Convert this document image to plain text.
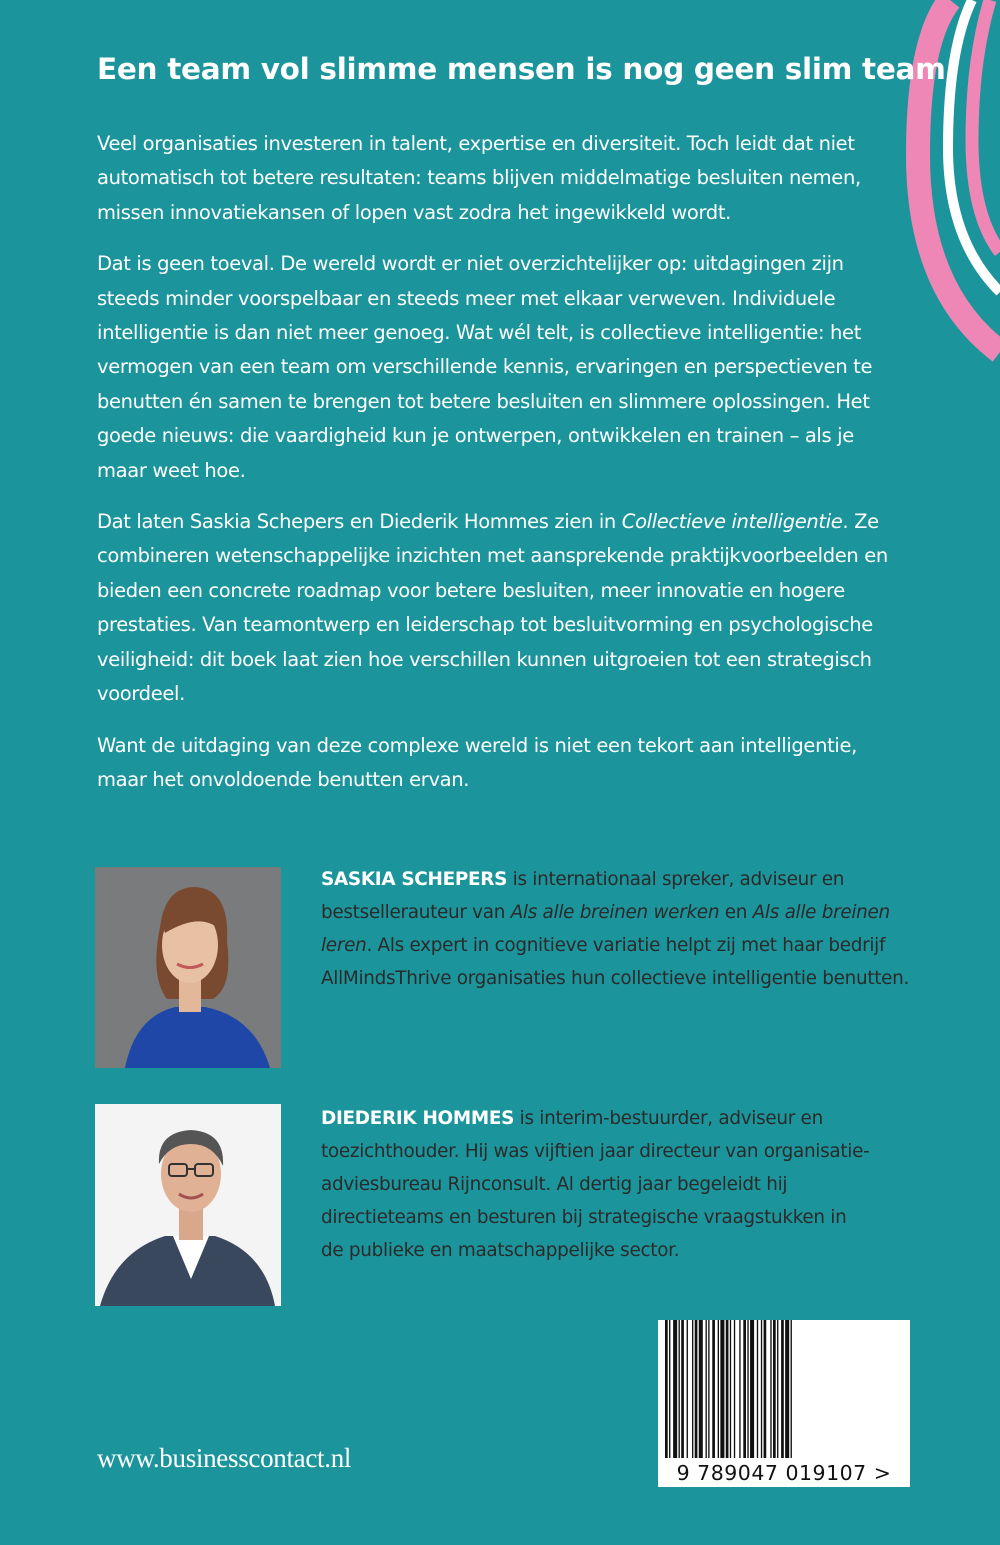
Een team vol slimme mensen is nog geen slim team

Veel organisaties investeren in talent, expertise en diversiteit. Toch leidt dat niet automatisch tot betere resultaten: teams blijven middelmatige besluiten nemen, missen innovatiekansen of lopen vast zodra het ingewikkeld wordt.

Dat is geen toeval. De wereld wordt er niet overzichtelijker op: uitdagingen zijn steeds minder voorspelbaar en steeds meer met elkaar verweven. Individuele intelligentie is dan niet meer genoeg. Wat wél telt, is collectieve intelligentie: het vermogen van een team om verschillende kennis, ervaringen en perspectieven te benutten én samen te brengen tot betere besluiten en slimmere oplossingen. Het goede nieuws: die vaardigheid kun je ontwerpen, ontwikkelen en trainen – als je maar weet hoe.

Dat laten Saskia Schepers en Diederik Hommes zien in Collectieve intelligentie. Ze combineren wetenschappelijke inzichten met aansprekende praktijkvoorbeelden en bieden een concrete roadmap voor betere besluiten, meer innovatie en hogere prestaties. Van teamontwerp en leiderschap tot besluitvorming en psychologische veiligheid: dit boek laat zien hoe verschillen kunnen uitgroeien tot een strategisch voordeel.

Want de uitdaging van deze complexe wereld is niet een tekort aan intelligentie, maar het onvoldoende benutten ervan.

SASKIA SCHEPERS is internationaal spreker, adviseur en bestsellerauteur van Als alle breinen werken en Als alle breinen leren. Als expert in cognitieve variatie helpt zij met haar bedrijf AllMindsThrive organisaties hun collectieve intelligentie benutten.
DIEDERIK HOMMES is interim-bestuurder, adviseur en
toezichthouder. Hij was vijftien jaar directeur van organisatie-
adviesbureau Rijnconsult. Al dertig jaar begeleidt hij
directieteams en besturen bij strategische vraagstukken in
de publieke en maatschappelijke sector.
www.businesscontact.nl	9 789047 019107 >
